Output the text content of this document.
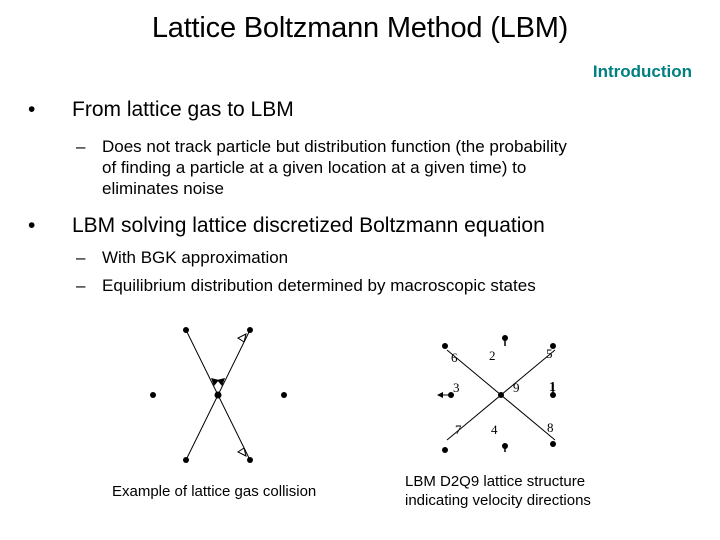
Lattice Boltzmann Method (LBM)
Introduction
• From lattice gas to LBM
– Does not track particle but distribution function (the probability
of finding a particle at a given location at a given time) to
eliminates noise
• LBM solving lattice discretized Boltzmann equation
– With BGK approximation
– Equilibrium distribution determined by macroscopic states
Example of lattice gas collision
6 2	5
3	9 1
7 4	8
LBM D2Q9 lattice structure
indicating velocity directions
